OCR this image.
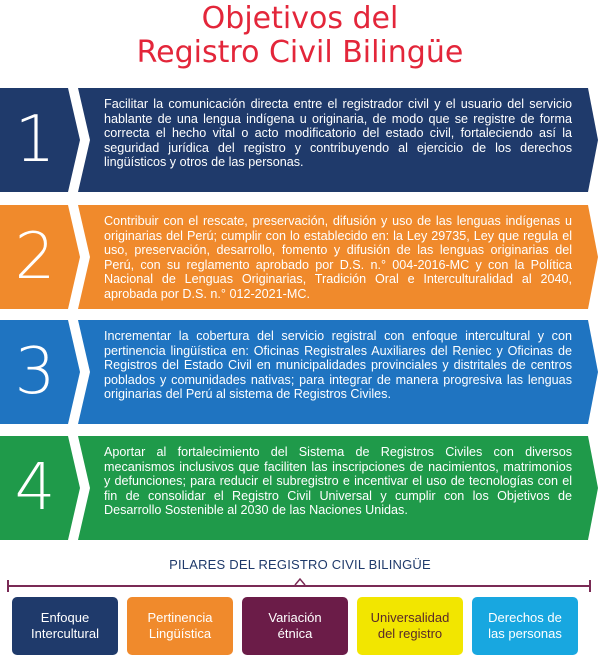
Objetivos del
Registro Civil Bilingüe
1	Facilitar la comunicación directa entre el registrador civil y el usuario del servicio hablante de una lengua indígena u originaria, de modo que se registre de forma correcta el hecho vital o acto modificatorio del estado civil, fortaleciendo así la seguridad jurídica del registro y contribuyendo al ejercicio de los derechos lingüísticos y otros de las personas.
2	Contribuir con el rescate, preservación, difusión y uso de las lenguas indígenas u originarias del Perú; cumplir con lo establecido en: la Ley 29735, Ley que regula el uso, preservación, desarrollo, fomento y difusión de las lenguas originarias del Perú, con su reglamento aprobado por D.S. n.° 004-2016-MC y con la Política Nacional de Lenguas Originarias, Tradición Oral e Interculturalidad al 2040, aprobada por D.S. n.° 012-2021-MC.
3	Incrementar la cobertura del servicio registral con enfoque intercultural y con pertinencia lingüística en: Oficinas Registrales Auxiliares del Reniec y Oficinas de Registros del Estado Civil en municipalidades provinciales y distritales de centros poblados y comunidades nativas; para integrar de manera progresiva las lenguas originarias del Perú al sistema de Registros Civiles.
4	Aportar al fortalecimiento del Sistema de Registros Civiles con diversos mecanismos inclusivos que faciliten las inscripciones de nacimientos, matrimonios y defunciones; para reducir el subregistro e incentivar el uso de tecnologías con el fin de consolidar el Registro Civil Universal y cumplir con los Objetivos de Desarrollo Sostenible al 2030 de las Naciones Unidas.
PILARES DEL REGISTRO CIVIL BILINGÜE
Enfoque
Intercultural
Pertinencia
Lingüística
Variación
étnica
Universalidad
del registro
Derechos de
las personas
